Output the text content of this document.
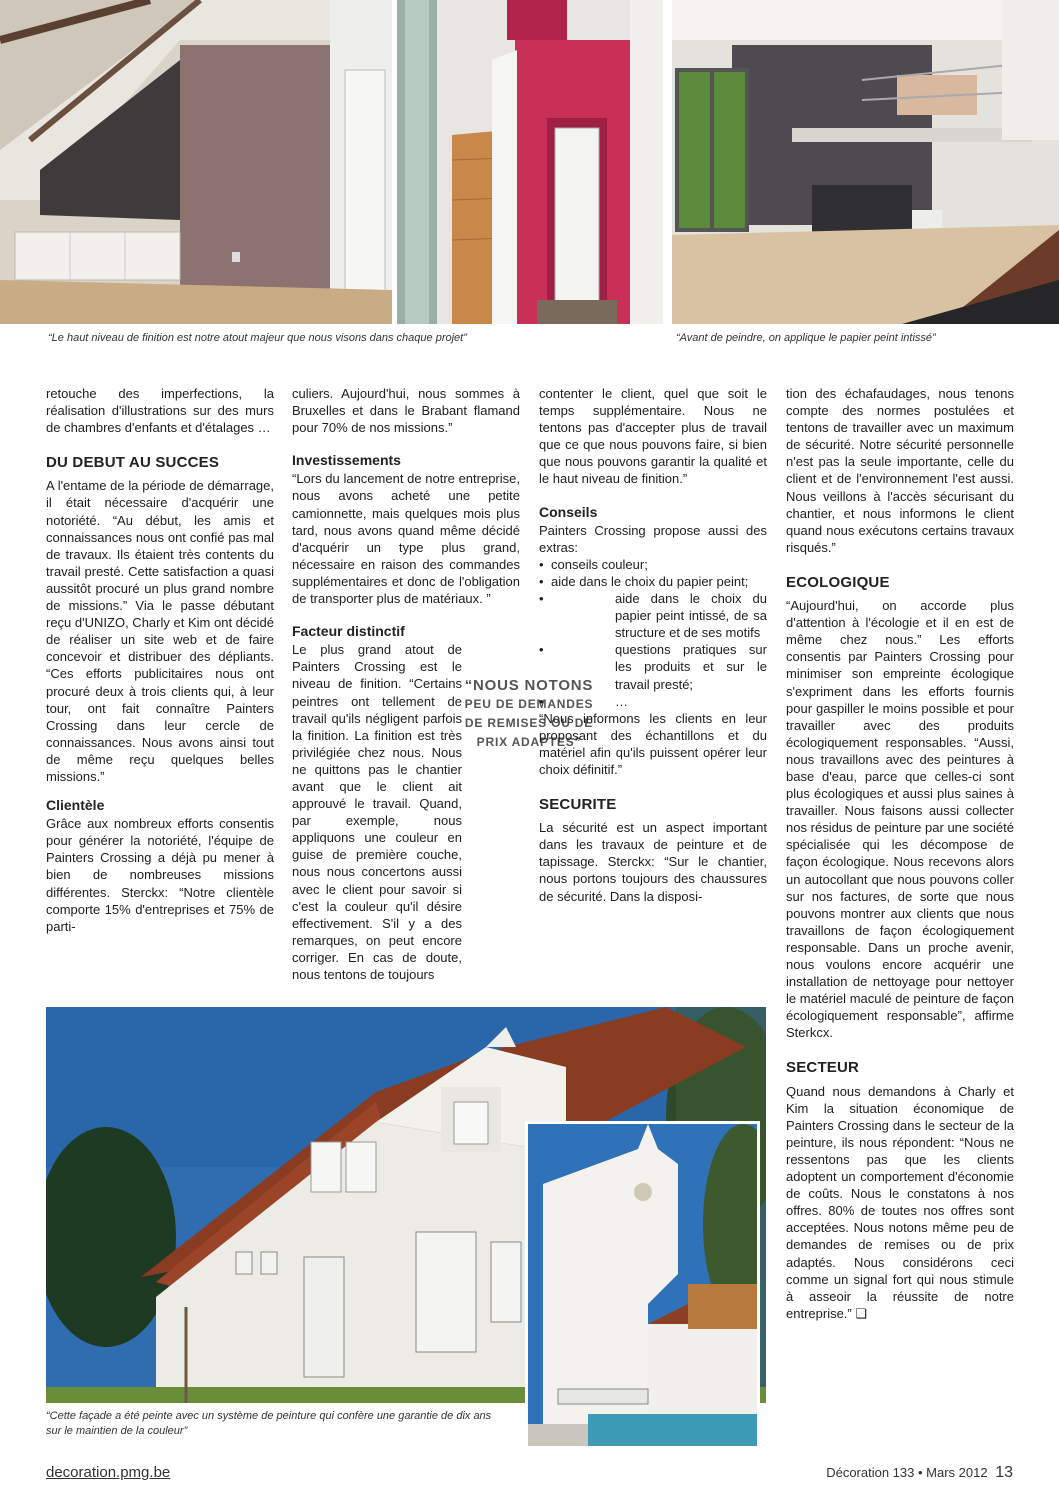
“Le haut niveau de finition est notre atout majeur que nous visons dans chaque projet”	“Avant de peindre, on applique le papier peint intissé”

retouche des imperfections, la réalisation d'illustrations sur des murs de chambres d'enfants et d'étalages …

DU DEBUT AU SUCCES

A l'entame de la période de démarrage, il était nécessaire d'acquérir une notoriété. “Au début, les amis et connaissances nous ont confié pas mal de travaux. Ils étaient très contents du travail presté. Cette satisfaction a quasi aussitôt procuré un plus grand nombre de missions.” Via le passe débutant reçu d'UNIZO, Charly et Kim ont décidé de réaliser un site web et de faire concevoir et distribuer des dépliants. “Ces efforts publicitaires nous ont procuré deux à trois clients qui, à leur tour, ont fait connaître Painters Crossing dans leur cercle de connaissances. Nous avons ainsi tout de même reçu quelques belles missions.”

Clientèle

Grâce aux nombreux efforts consentis pour générer la notoriété, l'équipe de Painters Crossing a déjà pu mener à bien de nombreuses missions différentes. Sterckx: “Notre clientèle comporte 15% d'entreprises et 75% de parti-

culiers. Aujourd'hui, nous sommes à Bruxelles et dans le Brabant flamand pour 70% de nos missions.”

Investissements

“Lors du lancement de notre entreprise, nous avons acheté une petite camionnette, mais quelques mois plus tard, nous avons quand même décidé d'acquérir un type plus grand, nécessaire en raison des commandes supplémentaires et donc de l'obligation de transporter plus de matériaux. ”

Facteur distinctif

Le plus grand atout de Painters Crossing est le niveau de finition. “Certains peintres ont tellement de travail qu'ils négligent parfois la finition. La finition est très privilégiée chez nous. Nous ne quittons pas le chantier avant que le client ait approuvé le travail. Quand, par exemple, nous appliquons une couleur en guise de première couche, nous nous concertons aussi avec le client pour savoir si c'est la couleur qu'il désire effectivement. S'il y a des remarques, on peut encore corriger. En cas de doute, nous tentons de toujours

“NOUS NOTONS
PEU DE DEMANDES
DE REMISES OU DE
PRIX ADAPTES”

contenter le client, quel que soit le temps supplémentaire. Nous ne tentons pas d'accepter plus de travail que ce que nous pouvons faire, si bien que nous pouvons garantir la qualité et le haut niveau de finition.”

Conseils

Painters Crossing propose aussi des extras:

• conseils couleur;
• aide dans le choix du papier peint;
• aide dans le choix du papier peint intissé, de sa structure et de ses motifs
• questions pratiques sur les produits et sur le travail presté;
• …

“Nous informons les clients en leur proposant des échantillons et du matériel afin qu'ils puissent opérer leur choix définitif.”

SECURITE

La sécurité est un aspect important dans les travaux de peinture et de tapissage. Sterckx: “Sur le chantier, nous portons toujours des chaussures de sécurité. Dans la disposi-

tion des échafaudages, nous tenons compte des normes postulées et tentons de travailler avec un maximum de sécurité. Notre sécurité personnelle n'est pas la seule importante, celle du client et de l'environnement l'est aussi. Nous veillons à l'accès sécurisant du chantier, et nous informons le client quand nous exécutons certains travaux risqués.”

ECOLOGIQUE

“Aujourd'hui, on accorde plus d'attention à l'écologie et il en est de même chez nous.” Les efforts consentis par Painters Crossing pour minimiser son empreinte écologique s'expriment dans les efforts fournis pour gaspiller le moins possible et pour travailler avec des produits écologiquement responsables. “Aussi, nous travaillons avec des peintures à base d'eau, parce que celles-ci sont plus écologiques et aussi plus saines à travailler. Nous faisons aussi collecter nos résidus de peinture par une société spécialisée qui les décompose de façon écologique. Nous recevons alors un autocollant que nous pouvons coller sur nos factures, de sorte que nous pouvons montrer aux clients que nous travaillons de façon écologiquement responsable. Dans un proche avenir, nous voulons encore acquérir une installation de nettoyage pour nettoyer le matériel maculé de peinture de façon écologiquement responsable”, affirme Sterkcx.

SECTEUR

Quand nous demandons à Charly et Kim la situation économique de Painters Crossing dans le secteur de la peinture, ils nous répondent: “Nous ne ressentons pas que les clients adoptent un comportement d'économie de coûts. Nous le constatons à nos offres. 80% de toutes nos offres sont acceptées. Nous notons même peu de demandes de remises ou de prix adaptés. Nous considérons ceci comme un signal fort qui nous stimule à asseoir la réussite de notre entreprise.” ❏

“Cette façade a été peinte avec un système de peinture qui confère une garantie de dix ans sur le maintien de la couleur”
decoration.pmg.be	Décoration 133 • Mars 2012 13
